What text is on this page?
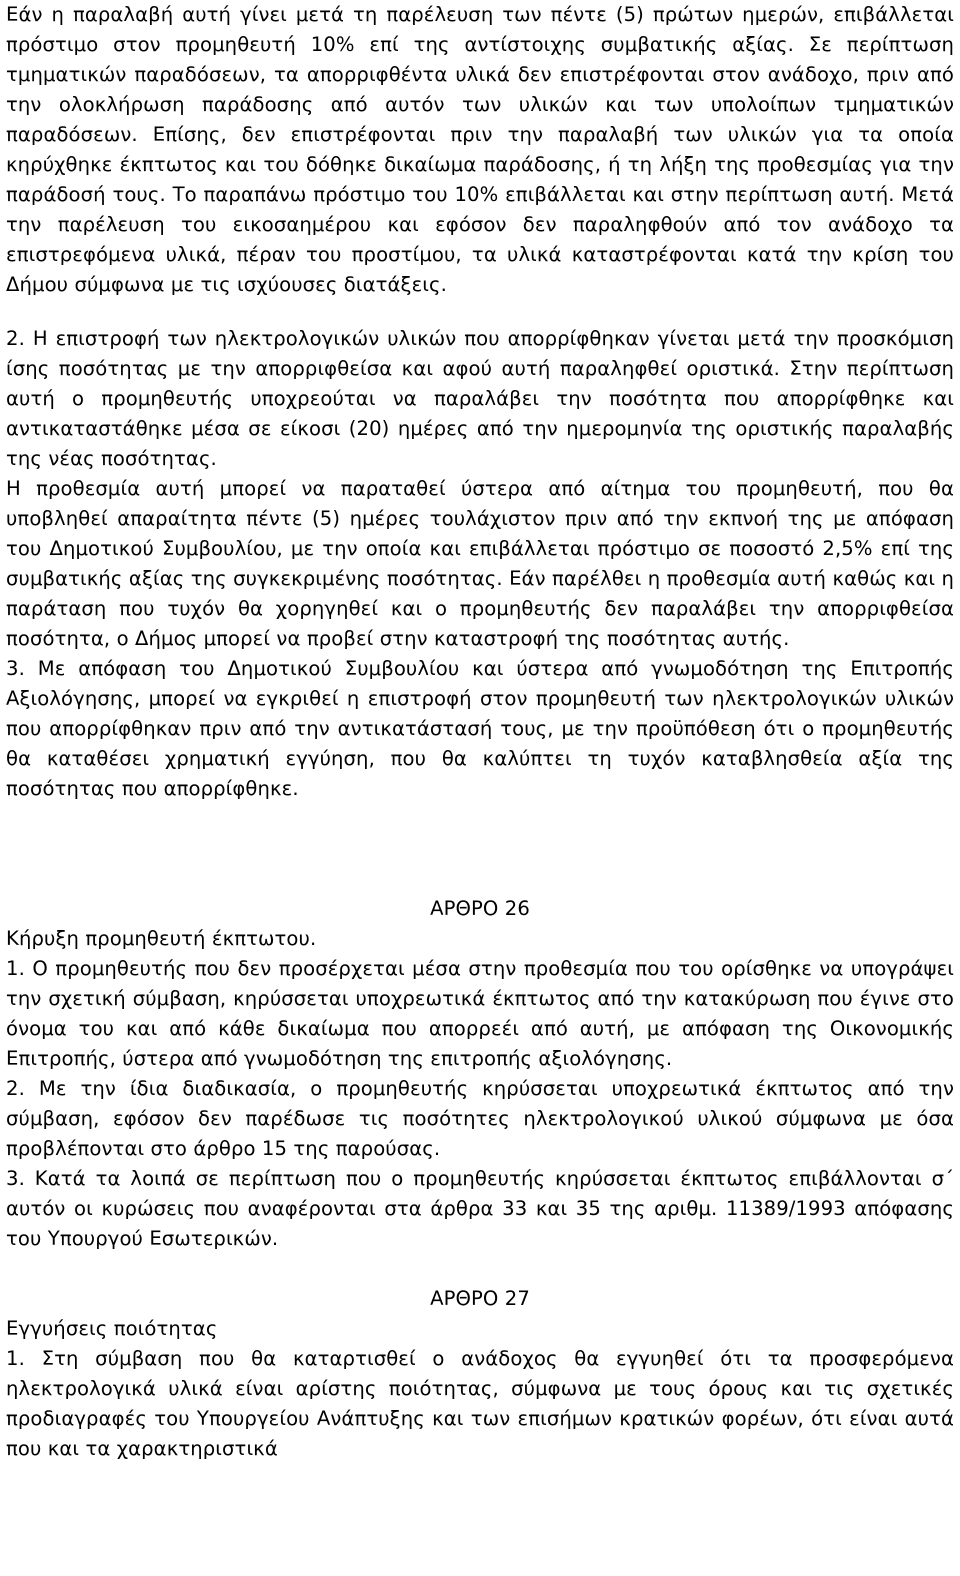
Εάν η παραλαβή αυτή γίνει μετά τη παρέλευση των πέντε (5) πρώτων ημερών, επιβάλλεται πρόστιμο στον προμηθευτή 10% επί της αντίστοιχης συμβατικής αξίας. Σε περίπτωση τμηματικών παραδόσεων, τα απορριφθέντα υλικά δεν επιστρέφονται στον ανάδοχο, πριν από την ολοκλήρωση παράδοσης από αυτόν των υλικών και των υπολοίπων τμηματικών παραδόσεων. Επίσης, δεν επιστρέφονται πριν την παραλαβή των υλικών για τα οποία κηρύχθηκε έκπτωτος και του δόθηκε δικαίωμα παράδοσης, ή τη λήξη της προθεσμίας για την παράδοσή τους. Το παραπάνω πρόστιμο του 10% επιβάλλεται και στην περίπτωση αυτή. Μετά την παρέλευση του εικοσαημέρου και εφόσον δεν παραληφθούν από τον ανάδοχο τα επιστρεφόμενα υλικά, πέραν του προστίμου, τα υλικά καταστρέφονται κατά την κρίση του Δήμου σύμφωνα με τις ισχύουσες διατάξεις.

2. Η επιστροφή των ηλεκτρολογικών υλικών που απορρίφθηκαν γίνεται μετά την προσκόμιση ίσης ποσότητας με την απορριφθείσα και αφού αυτή παραληφθεί οριστικά. Στην περίπτωση αυτή ο προμηθευτής υποχρεούται να παραλάβει την ποσότητα που απορρίφθηκε και αντικαταστάθηκε μέσα σε είκοσι (20) ημέρες από την ημερομηνία της οριστικής παραλαβής της νέας ποσότητας.

Η προθεσμία αυτή μπορεί να παραταθεί ύστερα από αίτημα του προμηθευτή, που θα υποβληθεί απαραίτητα πέντε (5) ημέρες τουλάχιστον πριν από την εκπνοή της με απόφαση του Δημοτικού Συμβουλίου, με την οποία και επιβάλλεται πρόστιμο σε ποσοστό 2,5% επί της συμβατικής αξίας της συγκεκριμένης ποσότητας. Εάν παρέλθει η προθεσμία αυτή καθώς και η παράταση που τυχόν θα χορηγηθεί και ο προμηθευτής δεν παραλάβει την απορριφθείσα ποσότητα, ο Δήμος μπορεί να προβεί στην καταστροφή της ποσότητας αυτής.

3. Με απόφαση του Δημοτικού Συμβουλίου και ύστερα από γνωμοδότηση της Επιτροπής Αξιολόγησης, μπορεί να εγκριθεί η επιστροφή στον προμηθευτή των ηλεκτρολογικών υλικών που απορρίφθηκαν πριν από την αντικατάστασή τους, με την προϋπόθεση ότι ο προμηθευτής θα καταθέσει χρηματική εγγύηση, που θα καλύπτει τη τυχόν καταβλησθεία αξία της ποσότητας που απορρίφθηκε.

ΑΡΘΡΟ 26

Κήρυξη προμηθευτή έκπτωτου.

1. Ο προμηθευτής που δεν προσέρχεται μέσα στην προθεσμία που του ορίσθηκε να υπογράψει την σχετική σύμβαση, κηρύσσεται υποχρεωτικά έκπτωτος από την κατακύρωση που έγινε στο όνομα του και από κάθε δικαίωμα που απορρεέι από αυτή, με απόφαση της Οικονομικής Επιτροπής, ύστερα από γνωμοδότηση της επιτροπής αξιολόγησης.

2. Με την ίδια διαδικασία, ο προμηθευτής κηρύσσεται υποχρεωτικά έκπτωτος από την σύμβαση, εφόσον δεν παρέδωσε τις ποσότητες ηλεκτρολογικού υλικού σύμφωνα με όσα προβλέπονται στο άρθρο 15 της παρούσας.

3. Κατά τα λοιπά σε περίπτωση που ο προμηθευτής κηρύσσεται έκπτωτος επιβάλλονται σ΄ αυτόν οι κυρώσεις που αναφέρονται στα άρθρα 33 και 35 της αριθμ. 11389/1993 απόφασης του Υπουργού Εσωτερικών.

ΑΡΘΡΟ 27

Εγγυήσεις ποιότητας

1. Στη σύμβαση που θα καταρτισθεί ο ανάδοχος θα εγγυηθεί ότι τα προσφερόμενα ηλεκτρολογικά υλικά είναι αρίστης ποιότητας, σύμφωνα με τους όρους και τις σχετικές προδιαγραφές του Υπουργείου Ανάπτυξης και των επισήμων κρατικών φορέων, ότι είναι αυτά που και τα χαρακτηριστικά
